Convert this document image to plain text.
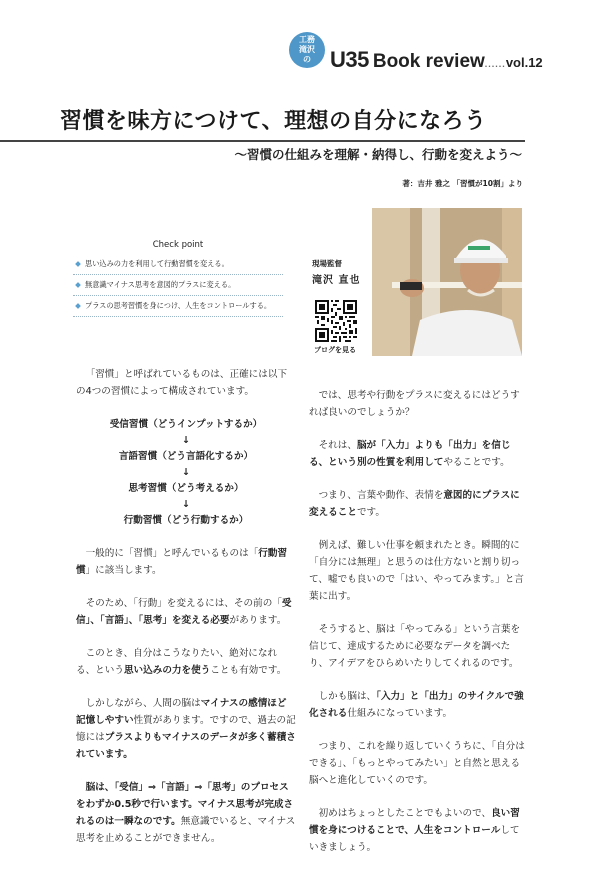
工務
滝沢
の U35 Book review......vol.12
習慣を味方につけて、理想の自分になろう
〜習慣の仕組みを理解・納得し、行動を変えよう〜
著：吉井 雅之 「習慣が10割」より
Check point
思い込みの力を利用して行動習慣を変える。
無意識マイナス思考を意図的プラスに変える。
プラスの思考習慣を身につけ、人生をコントロールする。
現場監督
滝沢 直也
ブログを見る

「習慣」と呼ばれているものは、正確には以下の4つの習慣によって構成されています。

受信習慣（どうインプットするか）
↓
言語習慣（どう言語化するか）
↓
思考習慣（どう考えるか）
↓
行動習慣（どう行動するか）

一般的に「習慣」と呼んでいるものは「行動習慣」に該当します。

そのため、「行動」を変えるには、その前の「受信」、「言語」、「思考」を変える必要があります。

このとき、自分はこうなりたい、絶対になれる、という思い込みの力を使うことも有効です。

しかしながら、人間の脳はマイナスの感情ほど記憶しやすい性質があります。ですので、過去の記憶にはプラスよりもマイナスのデータが多く蓄積されています。

脳は、「受信」⇒「言語」⇒「思考」のプロセスをわずか0.5秒で行います。マイナス思考が完成されるのは一瞬なのです。無意識でいると、マイナス思考を止めることができません。

では、思考や行動をプラスに変えるにはどうすれば良いのでしょうか？

それは、脳が「入力」よりも「出力」を信じる、という別の性質を利用してやることです。

つまり、言葉や動作、表情を意図的にプラスに変えることです。

例えば、難しい仕事を頼まれたとき。瞬間的に「自分には無理」と思うのは仕方ないと割り切って、嘘でも良いので「はい、やってみます。」と言葉に出す。

そうすると、脳は「やってみる」という言葉を信じて、達成するために必要なデータを調べたり、アイデアをひらめいたりしてくれるのです。

しかも脳は、「入力」と「出力」のサイクルで強化される仕組みになっています。

つまり、これを繰り返していくうちに、「自分はできる」、「もっとやってみたい」と自然と思える脳へと進化していくのです。

初めはちょっとしたことでもよいので、良い習慣を身につけることで、人生をコントロールしていきましょう。
